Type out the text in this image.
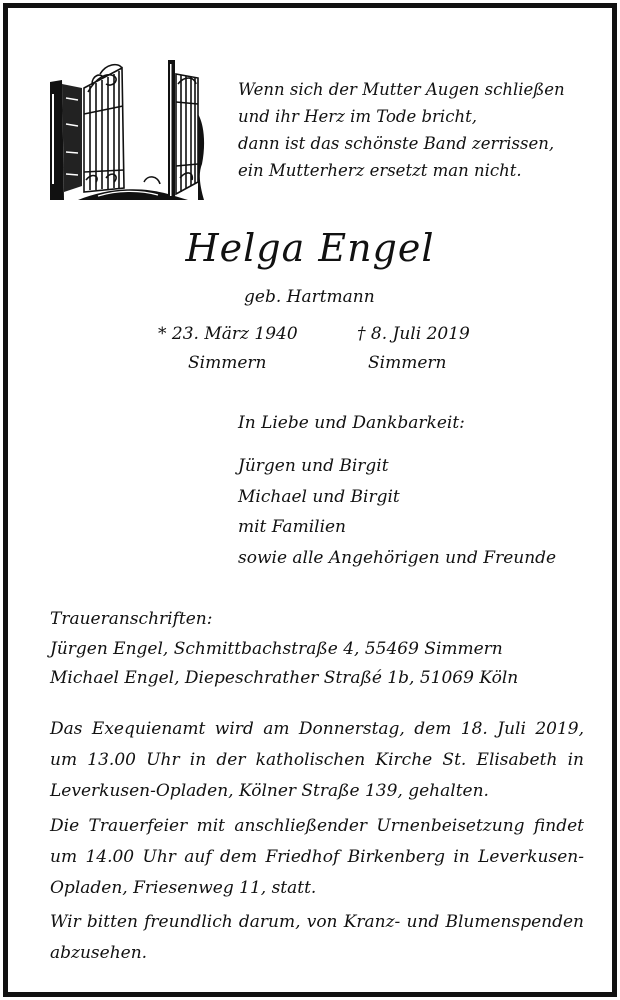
Wenn sich der Mutter Augen schließen
und ihr Herz im Tode bricht,
dann ist das schönste Band zerrissen,
ein Mutterherz ersetzt man nicht.
Helga Engel
geb. Hartmann
* 23. März 1940	† 8. Juli 2019
Simmern	Simmern
In Liebe und Dankbarkeit:
Jürgen und Birgit
Michael und Birgit
mit Familien
sowie alle Angehörigen und Freunde
Traueranschriften:
Jürgen Engel, Schmittbachstraße 4, 55469 Simmern
Michael Engel, Diepeschrather Straßé 1b, 51069 Köln
Das Exequienamt wird am Donnerstag, dem 18. Juli 2019, um 13.00 Uhr in der katholischen Kirche St. Elisabeth in Leverkusen-Opladen, Kölner Straße 139, gehalten.
Die Trauerfeier mit anschließender Urnenbeisetzung findet um 14.00 Uhr auf dem Friedhof Birkenberg in Leverkusen-Opladen, Friesenweg 11, statt.
Wir bitten freundlich darum, von Kranz- und Blumenspenden abzusehen.
